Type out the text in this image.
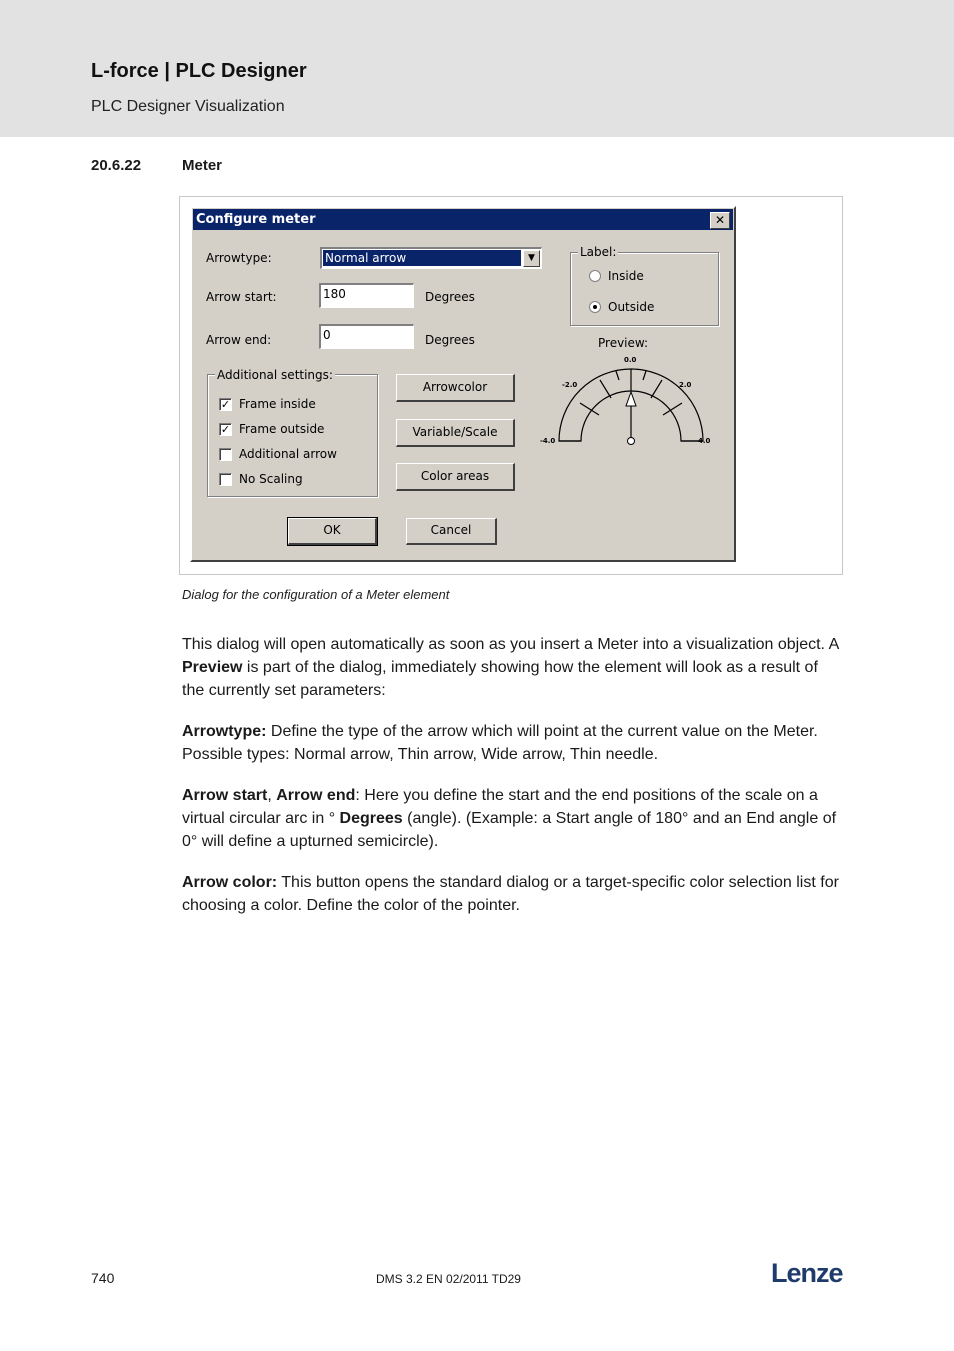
L-force | PLC Designer
PLC Designer Visualization
20.6.22	Meter
Configure meter	✕
Arrowtype:	Normal arrow	▼
Arrow start:	180	Degrees
Arrow end:	0	Degrees
Label:
Inside
Outside
Preview:
-4.0
-2.0
0.0
2.0
4.0
Additional settings:
✓ Frame inside
✓ Frame outside
Additional arrow
No Scaling
Arrowcolor
Variable/Scale
Color areas
OK	Cancel
Dialog for the configuration of a Meter element
This dialog will open automatically as soon as you insert a Meter into a visualization object. A Preview is part of the dialog, immediately showing how the element will look as a result of the currently set parameters:
Arrowtype: Define the type of the arrow which will point at the current value on the Meter. Possible types: Normal arrow, Thin arrow, Wide arrow, Thin needle.
Arrow start, Arrow end: Here you define the start and the end positions of the scale on a virtual circular arc in ° Degrees (angle). (Example: a Start angle of 180° and an End angle of 0° will define a upturned semicircle).
Arrow color: This button opens the standard dialog or a target-specific color selection list for choosing a color. Define the color of the pointer.
740	DMS 3.2 EN 02/2011 TD29	Lenze
